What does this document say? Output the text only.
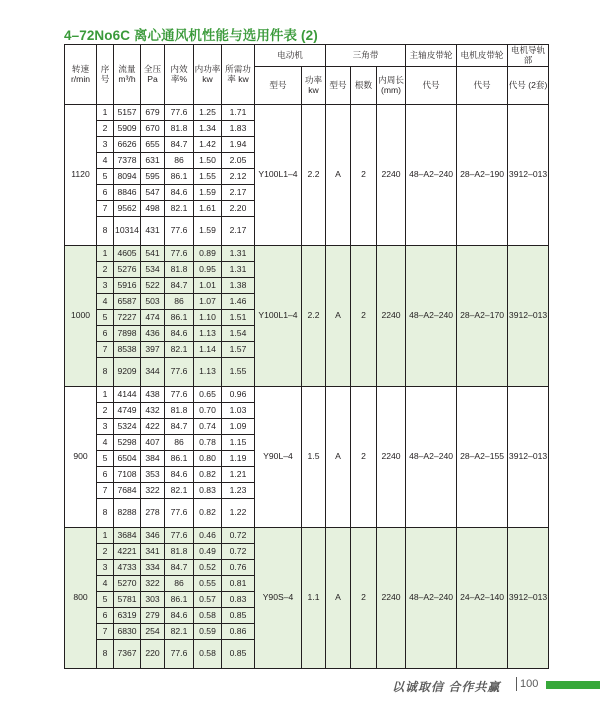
4–72No6C 离心通风机性能与选用件表 (2)
转速 r/min	序号	流量 m³/h	全压 Pa	内效率%	内功率 kw	所需功率 kw	电动机		三角带			主轴皮带轮	电机皮带轮	电机导轨部
							型号	功率 kw	型号	根数	内周长 (mm)	代号	代号	代号 (2套)
1120	1	5157	679	77.6	1.25	1.71	Y100L1–4	2.2	A	2	2240	48–A2–240	28–A2–190	3912–013
	2	5909	670	81.8	1.34	1.83								
	3	6626	655	84.7	1.42	1.94								
	4	7378	631	86	1.50	2.05								
	5	8094	595	86.1	1.55	2.12								
	6	8846	547	84.6	1.59	2.17								
	7	9562	498	82.1	1.61	2.20								
	8	10314	431	77.6	1.59	2.17								
1000	1	4605	541	77.6	0.89	1.31	Y100L1–4	2.2	A	2	2240	48–A2–240	28–A2–170	3912–013
	2	5276	534	81.8	0.95	1.31								
	3	5916	522	84.7	1.01	1.38								
	4	6587	503	86	1.07	1.46								
	5	7227	474	86.1	1.10	1.51								
	6	7898	436	84.6	1.13	1.54								
	7	8538	397	82.1	1.14	1.57								
	8	9209	344	77.6	1.13	1.55								
900	1	4144	438	77.6	0.65	0.96	Y90L–4	1.5	A	2	2240	48–A2–240	28–A2–155	3912–013
	2	4749	432	81.8	0.70	1.03								
	3	5324	422	84.7	0.74	1.09								
	4	5298	407	86	0.78	1.15								
	5	6504	384	86.1	0.80	1.19								
	6	7108	353	84.6	0.82	1.21								
	7	7684	322	82.1	0.83	1.23								
	8	8288	278	77.6	0.82	1.22								
800	1	3684	346	77.6	0.46	0.72	Y90S–4	1.1	A	2	2240	48–A2–240	24–A2–140	3912–013
	2	4221	341	81.8	0.49	0.72								
	3	4733	334	84.7	0.52	0.76								
	4	5270	322	86	0.55	0.81								
	5	5781	303	86.1	0.57	0.83								
	6	6319	279	84.6	0.58	0.85								
	7	6830	254	82.1	0.59	0.86								
	8	7367	220	77.6	0.58	0.85								
以诚取信 合作共赢 100
